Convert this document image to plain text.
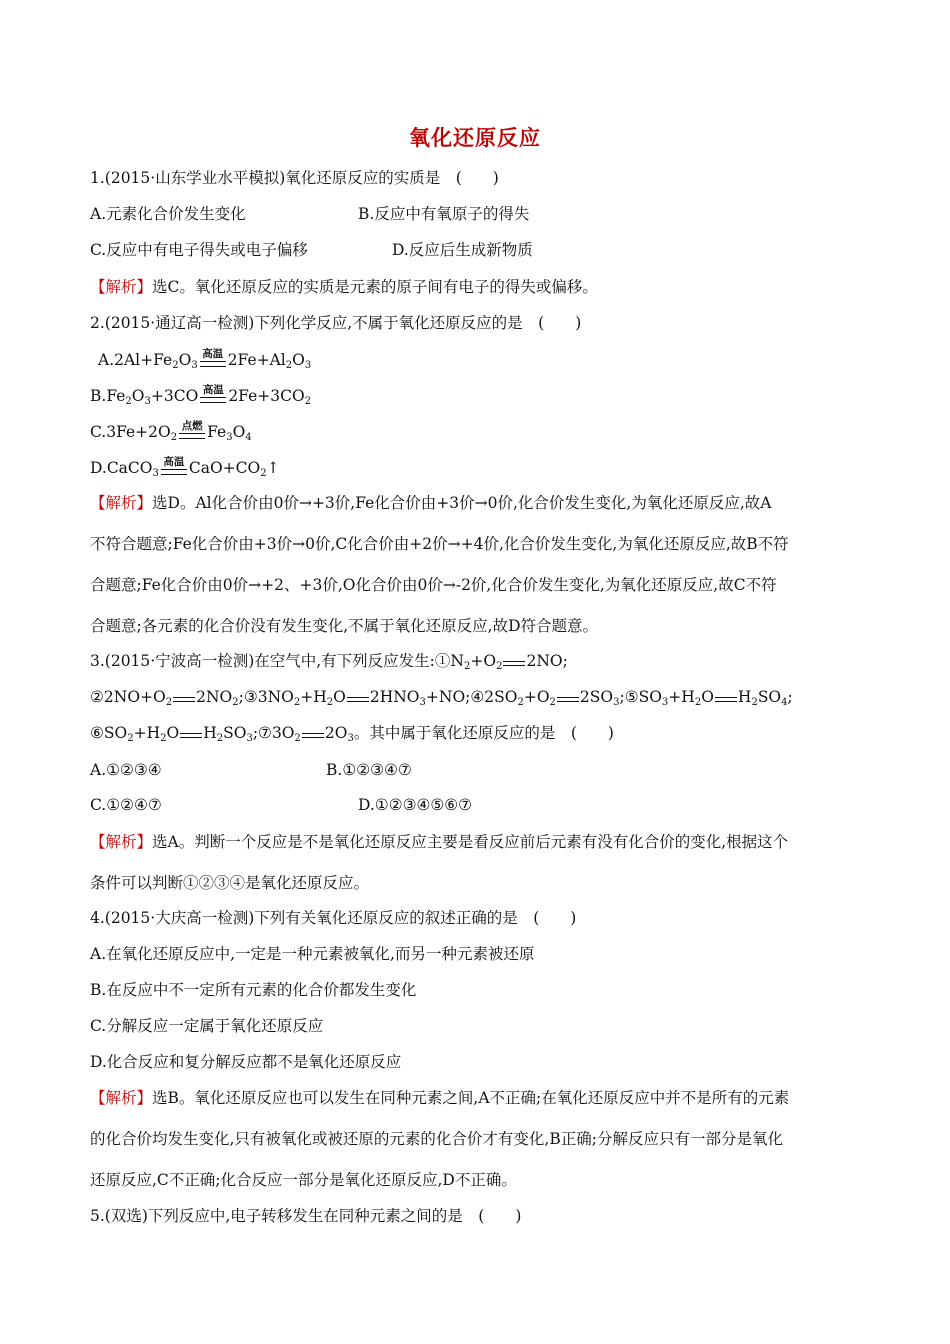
氧化还原反应
1.(2015·山东学业水平模拟)氧化还原反应的实质是　(　　)
A.元素化合价发生变化	B.反应中有氧原子的得失
C.反应中有电子得失或电子偏移	D.反应后生成新物质
【解析】选C。氧化还原反应的实质是元素的原子间有电子的得失或偏移。
2.(2015·通辽高一检测)下列化学反应,不属于氧化还原反应的是　(　　)
$A.2Al+Fe_2O_3$
高温 $2Fe+Al_2O_3$
$B.Fe_2O_3+3CO$ 高温 $2Fe+3CO_2$
$C.3Fe+2O_2$
点燃 $Fe_3O_4$
D.CaCO$_3$
高温 $CaO+CO_2↑$
【解析】选D。Al化合价由0价→+3价,Fe化合价由+3价→0价,化合价发生变化,为氧化还原反应,故A
不符合题意;Fe化合价由+3价→0价,C化合价由+2价→+4价,化合价发生变化,为氧化还原反应,故B不符
合题意;Fe化合价由0价→+2、+3价,O化合价由0价→-2价,化合价发生变化,为氧化还原反应,故C不符
合题意;各元素的化合价没有发生变化,不属于氧化还原反应,故D符合题意。
3.(2015·宁波高一检测)在空气中,有下列反应发生$:①N_2+O_2$ 2NO;
$②2NO+O_2$ $2NO_2;③3NO_2+H_2O$ $2HNO_3+NO;④2SO_2+O_2$ $2SO_3;⑤SO_3+H_2O$ $H_2SO_4$;
$⑥SO_2+H_2O$ $H_2SO_3;⑦3O_2$ $2O_3$。其中属于氧化还原反应的是　(　　)
A.①②③④	B.①②③④⑦
C.①②④⑦	D.①②③④⑤⑥⑦
【解析】选A。判断一个反应是不是氧化还原反应主要是看反应前后元素有没有化合价的变化,根据这个
条件可以判断①②③④是氧化还原反应。
4.(2015·大庆高一检测)下列有关氧化还原反应的叙述正确的是　(　　)
A.在氧化还原反应中,一定是一种元素被氧化,而另一种元素被还原
B.在反应中不一定所有元素的化合价都发生变化
C.分解反应一定属于氧化还原反应
D.化合反应和复分解反应都不是氧化还原反应
【解析】选B。氧化还原反应也可以发生在同种元素之间,A不正确;在氧化还原反应中并不是所有的元素
的化合价均发生变化,只有被氧化或被还原的元素的化合价才有变化,B正确;分解反应只有一部分是氧化
还原反应,C不正确;化合反应一部分是氧化还原反应,D不正确。
5.(双选)下列反应中,电子转移发生在同种元素之间的是　(　　)
